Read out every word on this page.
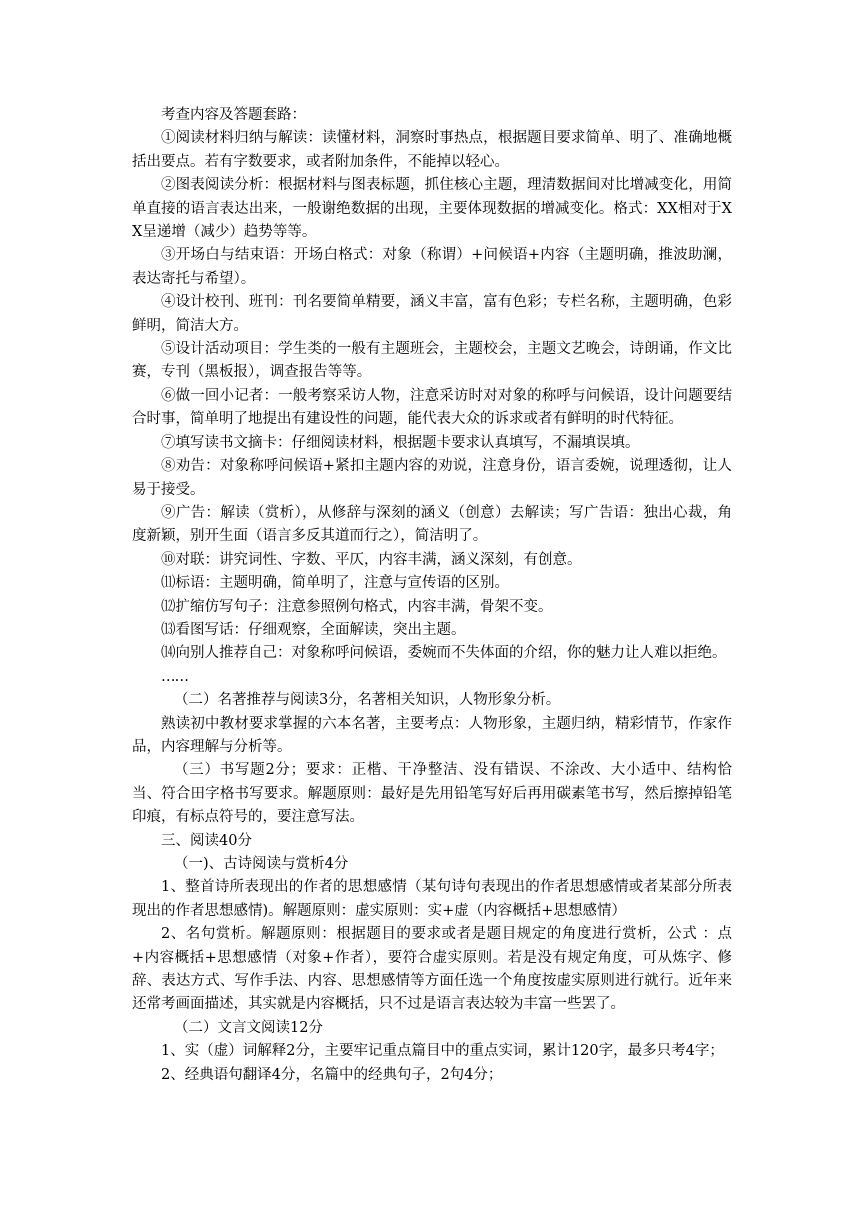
考查内容及答题套路：

①阅读材料归纳与解读：读懂材料，洞察时事热点，根据题目要求简单、明了、准确地概括出要点。若有字数要求，或者附加条件，不能掉以轻心。

②图表阅读分析：根据材料与图表标题，抓住核心主题，理清数据间对比增减变化，用简单直接的语言表达出来，一般谢绝数据的出现，主要体现数据的增减变化。格式：XX相对于XX呈递增（减少）趋势等等。

③开场白与结束语：开场白格式：对象（称谓）+问候语+内容（主题明确，推波助澜，表达寄托与希望）。

④设计校刊、班刊：刊名要简单精要，涵义丰富，富有色彩；专栏名称，主题明确，色彩鲜明，简洁大方。

⑤设计活动项目：学生类的一般有主题班会，主题校会，主题文艺晚会，诗朗诵，作文比赛，专刊（黑板报），调查报告等等。

⑥做一回小记者：一般考察采访人物，注意采访时对对象的称呼与问候语，设计问题要结合时事，简单明了地提出有建设性的问题，能代表大众的诉求或者有鲜明的时代特征。

⑦填写读书文摘卡：仔细阅读材料，根据题卡要求认真填写，不漏填误填。

⑧劝告：对象称呼问候语+紧扣主题内容的劝说，注意身份，语言委婉，说理透彻，让人易于接受。

⑨广告：解读（赏析），从修辞与深刻的涵义（创意）去解读；写广告语：独出心裁，角度新颖，别开生面（语言多反其道而行之），简洁明了。

⑩对联：讲究词性、字数、平仄，内容丰满，涵义深刻，有创意。

⑾标语：主题明确，简单明了，注意与宣传语的区别。

⑿扩缩仿写句子：注意参照例句格式，内容丰满，骨架不变。

⒀看图写话：仔细观察，全面解读，突出主题。

⒁向别人推荐自己：对象称呼问候语，委婉而不失体面的介绍，你的魅力让人难以拒绝。

……

（二）名著推荐与阅读3分，名著相关知识，人物形象分析。

熟读初中教材要求掌握的六本名著，主要考点：人物形象，主题归纳，精彩情节，作家作品，内容理解与分析等。

（三）书写题2分；要求：正楷、干净整洁、没有错误、不涂改、大小适中、结构恰当、符合田字格书写要求。解题原则：最好是先用铅笔写好后再用碳素笔书写，然后擦掉铅笔印痕，有标点符号的，要注意写法。

三、阅读40分

（一)、古诗阅读与赏析4分

1、整首诗所表现出的作者的思想感情（某句诗句表现出的作者思想感情或者某部分所表现出的作者思想感情)。解题原则：虚实原则：实+虚（内容概括+思想感情）

2、名句赏析。解题原则：根据题目的要求或者是题目规定的角度进行赏析，公式 ：点+内容概括+思想感情（对象+作者），要符合虚实原则。若是没有规定角度，可从炼字、修辞、表达方式、写作手法、内容、思想感情等方面任选一个角度按虚实原则进行就行。近年来还常考画面描述，其实就是内容概括，只不过是语言表达较为丰富一些罢了。

（二）文言文阅读12分

1、实（虚）词解释2分，主要牢记重点篇目中的重点实词，累计120字，最多只考4字；

2、经典语句翻译4分，名篇中的经典句子，2句4分；
